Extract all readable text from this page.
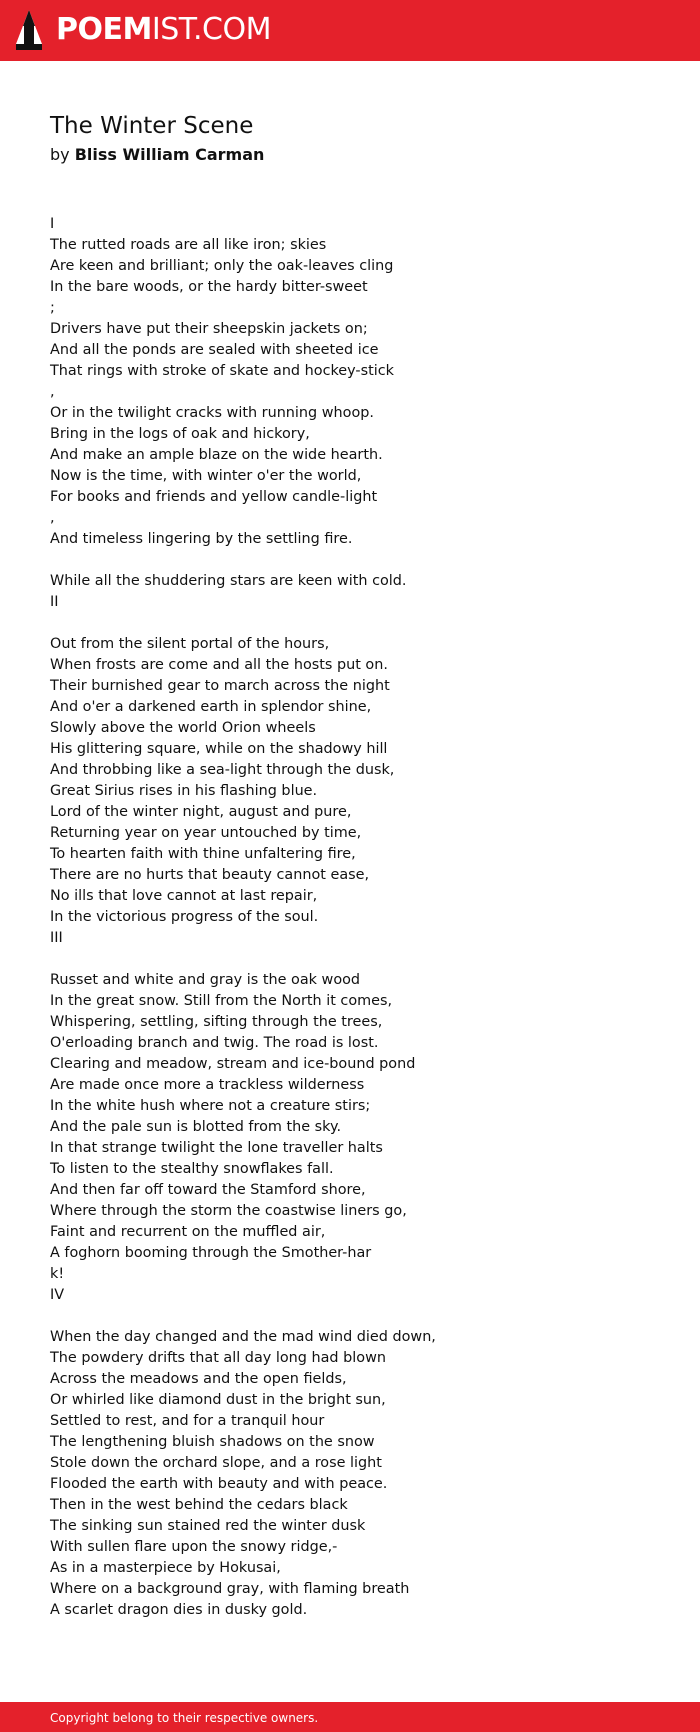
POEMIST.COM
The Winter Scene
by Bliss William Carman
I
The rutted roads are all like iron; skies
Are keen and brilliant; only the oak-leaves cling
In the bare woods, or the hardy bitter-sweet
;
Drivers have put their sheepskin jackets on;
And all the ponds are sealed with sheeted ice
That rings with stroke of skate and hockey-stick
,
Or in the twilight cracks with running whoop.
Bring in the logs of oak and hickory,
And make an ample blaze on the wide hearth.
Now is the time, with winter o'er the world,
For books and friends and yellow candle-light
,
And timeless lingering by the settling fire.
While all the shuddering stars are keen with cold.
II
Out from the silent portal of the hours,
When frosts are come and all the hosts put on.
Their burnished gear to march across the night
And o'er a darkened earth in splendor shine,
Slowly above the world Orion wheels
His glittering square, while on the shadowy hill
And throbbing like a sea-light through the dusk,
Great Sirius rises in his flashing blue.
Lord of the winter night, august and pure,
Returning year on year untouched by time,
To hearten faith with thine unfaltering fire,
There are no hurts that beauty cannot ease,
No ills that love cannot at last repair,
In the victorious progress of the soul.
III
Russet and white and gray is the oak wood
In the great snow. Still from the North it comes,
Whispering, settling, sifting through the trees,
O'erloading branch and twig. The road is lost.
Clearing and meadow, stream and ice-bound pond
Are made once more a trackless wilderness
In the white hush where not a creature stirs;
And the pale sun is blotted from the sky.
In that strange twilight the lone traveller halts
To listen to the stealthy snowflakes fall.
And then far off toward the Stamford shore,
Where through the storm the coastwise liners go,
Faint and recurrent on the muffled air,
A foghorn booming through the Smother-har
k!
IV
When the day changed and the mad wind died down,
The powdery drifts that all day long had blown
Across the meadows and the open fields,
Or whirled like diamond dust in the bright sun,
Settled to rest, and for a tranquil hour
The lengthening bluish shadows on the snow
Stole down the orchard slope, and a rose light
Flooded the earth with beauty and with peace.
Then in the west behind the cedars black
The sinking sun stained red the winter dusk
With sullen flare upon the snowy ridge,-
As in a masterpiece by Hokusai,
Where on a background gray, with flaming breath
A scarlet dragon dies in dusky gold.
Copyright belong to their respective owners.
